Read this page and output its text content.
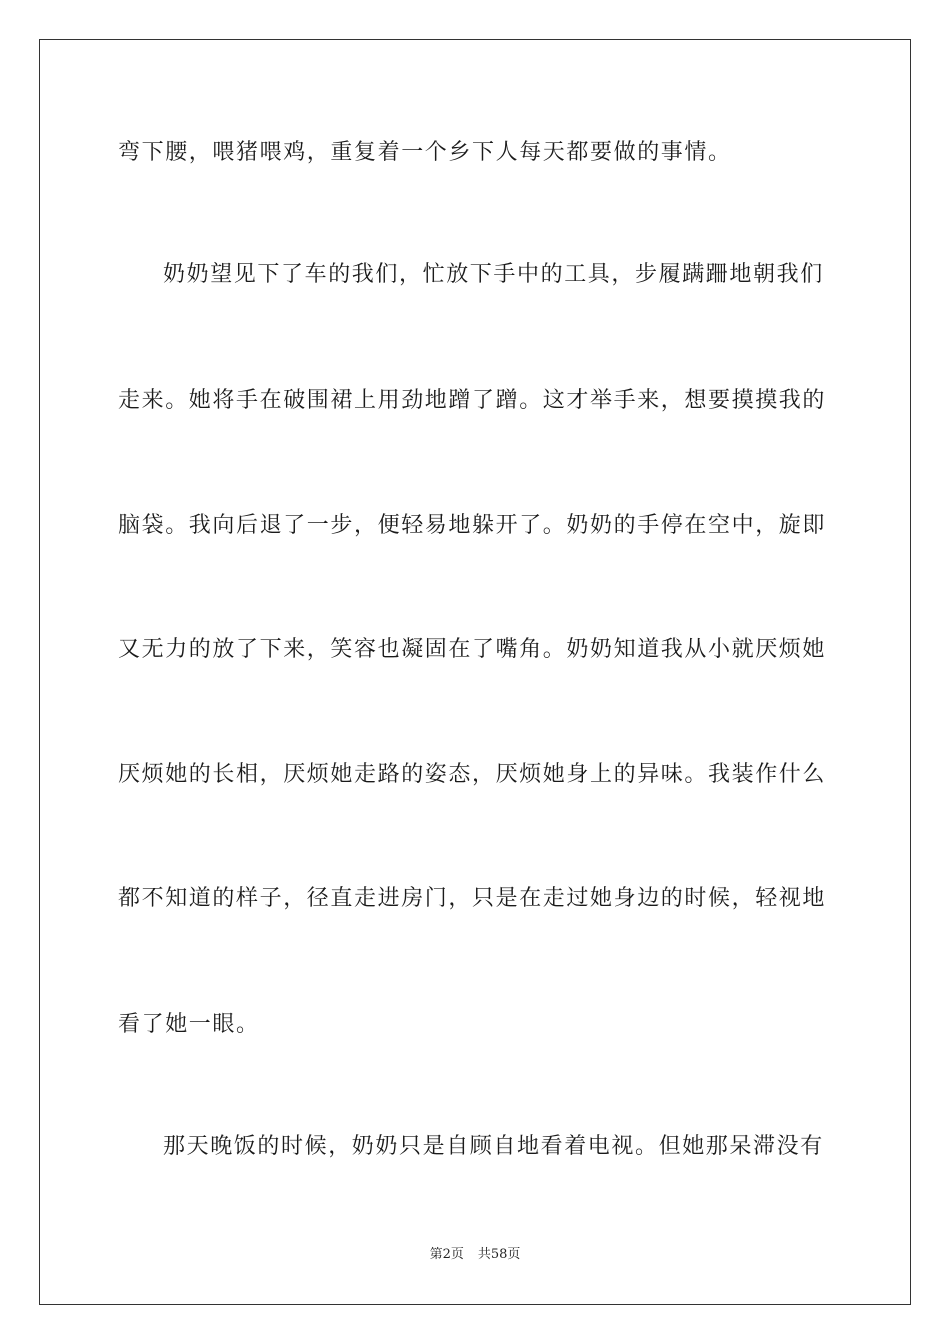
弯下腰，喂猪喂鸡，重复着一个乡下人每天都要做的事情。
奶奶望见下了车的我们，忙放下手中的工具，步履蹒跚地朝我们
走来。她将手在破围裙上用劲地蹭了蹭。这才举手来，想要摸摸我的
脑袋。我向后退了一步，便轻易地躲开了。奶奶的手停在空中，旋即
又无力的放了下来，笑容也凝固在了嘴角。奶奶知道我从小就厌烦她
厌烦她的长相，厌烦她走路的姿态，厌烦她身上的异味。我装作什么
都不知道的样子，径直走进房门，只是在走过她身边的时候，轻视地
看了她一眼。
那天晚饭的时候，奶奶只是自顾自地看着电视。但她那呆滞没有
第2页 共58页
